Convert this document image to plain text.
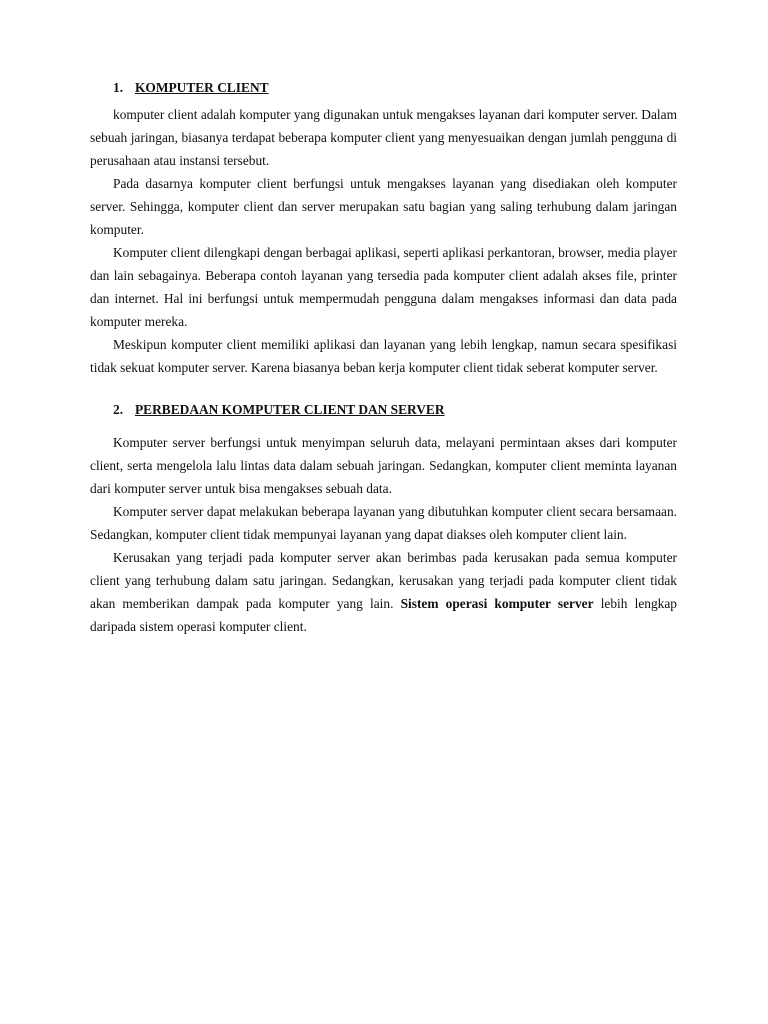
1. KOMPUTER CLIENT

komputer client adalah komputer yang digunakan untuk mengakses layanan dari komputer server. Dalam sebuah jaringan, biasanya terdapat beberapa komputer client yang menyesuaikan dengan jumlah pengguna di perusahaan atau instansi tersebut.

Pada dasarnya komputer client berfungsi untuk mengakses layanan yang disediakan oleh komputer server. Sehingga, komputer client dan server merupakan satu bagian yang saling terhubung dalam jaringan komputer.

Komputer client dilengkapi dengan berbagai aplikasi, seperti aplikasi perkantoran, browser, media player dan lain sebagainya. Beberapa contoh layanan yang tersedia pada komputer client adalah akses file, printer dan internet. Hal ini berfungsi untuk mempermudah pengguna dalam mengakses informasi dan data pada komputer mereka.

Meskipun komputer client memiliki aplikasi dan layanan yang lebih lengkap, namun secara spesifikasi tidak sekuat komputer server. Karena biasanya beban kerja komputer client tidak seberat komputer server.

2. PERBEDAAN KOMPUTER CLIENT DAN SERVER

Komputer server berfungsi untuk menyimpan seluruh data, melayani permintaan akses dari komputer client, serta mengelola lalu lintas data dalam sebuah jaringan. Sedangkan, komputer client meminta layanan dari komputer server untuk bisa mengakses sebuah data.

Komputer server dapat melakukan beberapa layanan yang dibutuhkan komputer client secara bersamaan. Sedangkan, komputer client tidak mempunyai layanan yang dapat diakses oleh komputer client lain.

Kerusakan yang terjadi pada komputer server akan berimbas pada kerusakan pada semua komputer client yang terhubung dalam satu jaringan. Sedangkan, kerusakan yang terjadi pada komputer client tidak akan memberikan dampak pada komputer yang lain. Sistem operasi komputer server lebih lengkap daripada sistem operasi komputer client.
